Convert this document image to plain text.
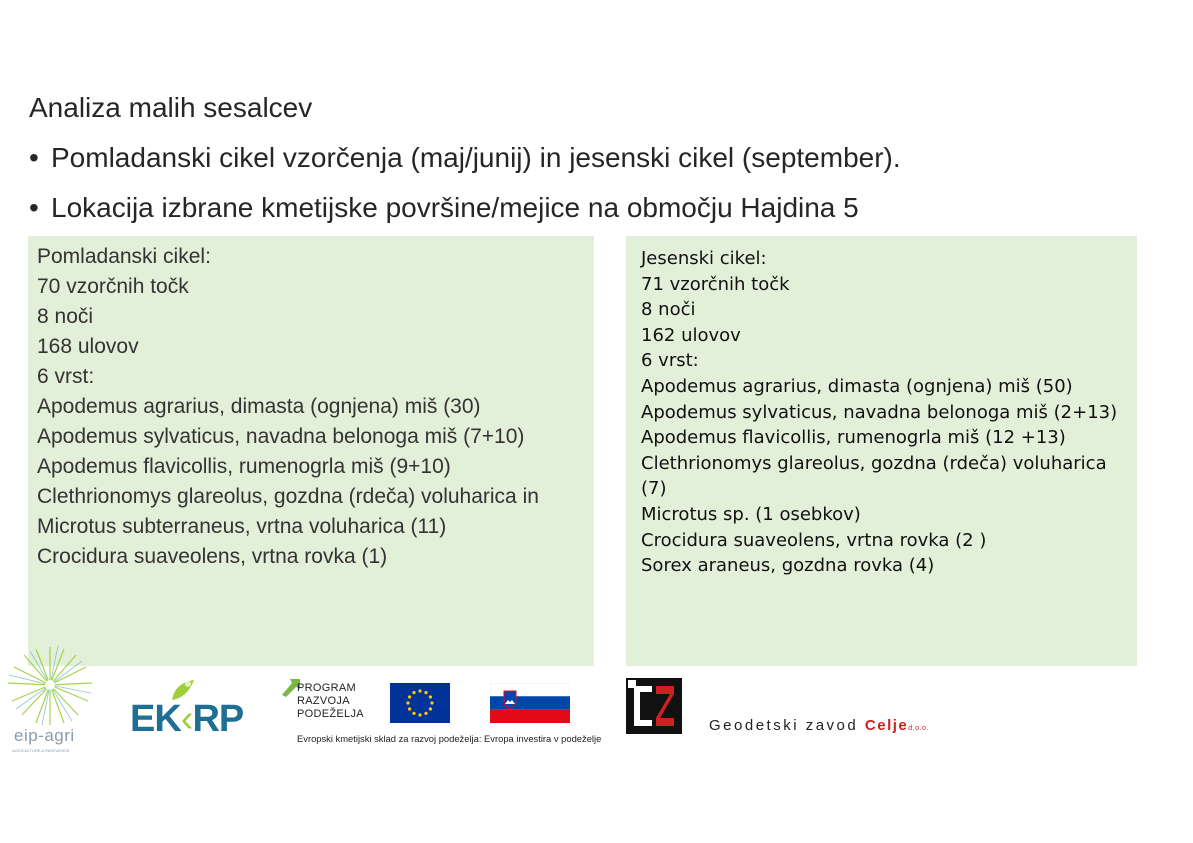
Analiza malih sesalcev
• Pomladanski cikel vzorčenja (maj/junij) in jesenski cikel (september).
• Lokacija izbrane kmetijske površine/mejice na območju Hajdina 5
Pomladanski cikel:
70 vzorčnih točk
8 noči
168 ulovov
6 vrst:
Apodemus agrarius, dimasta (ognjena) miš (30)
Apodemus sylvaticus, navadna belonoga miš (7+10)
Apodemus flavicollis, rumenogrla miš (9+10)
Clethrionomys glareolus, gozdna (rdeča) voluharica in
Microtus subterraneus, vrtna voluharica (11)
Crocidura suaveolens, vrtna rovka (1)
Jesenski cikel:
71 vzorčnih točk
8 noči
162 ulovov
6 vrst:
Apodemus agrarius, dimasta (ognjena) miš (50)
Apodemus sylvaticus, navadna belonoga miš (2+13)
Apodemus flavicollis, rumenogrla miš (12 +13)
Clethrionomys glareolus, gozdna (rdeča) voluharica (7)
Microtus sp. (1 osebkov)
Crocidura suaveolens, vrtna rovka (2 )
Sorex araneus, gozdna rovka (4)
eip-agri
AGRICULTURE & INNOVATION
EK‹RP
PROGRAM
RAZVOJA
PODEŽELJA
Evropski kmetijski sklad za razvoj podeželja: Evropa investira v podeželje
Geodetski zavod Celjed.o.o.
